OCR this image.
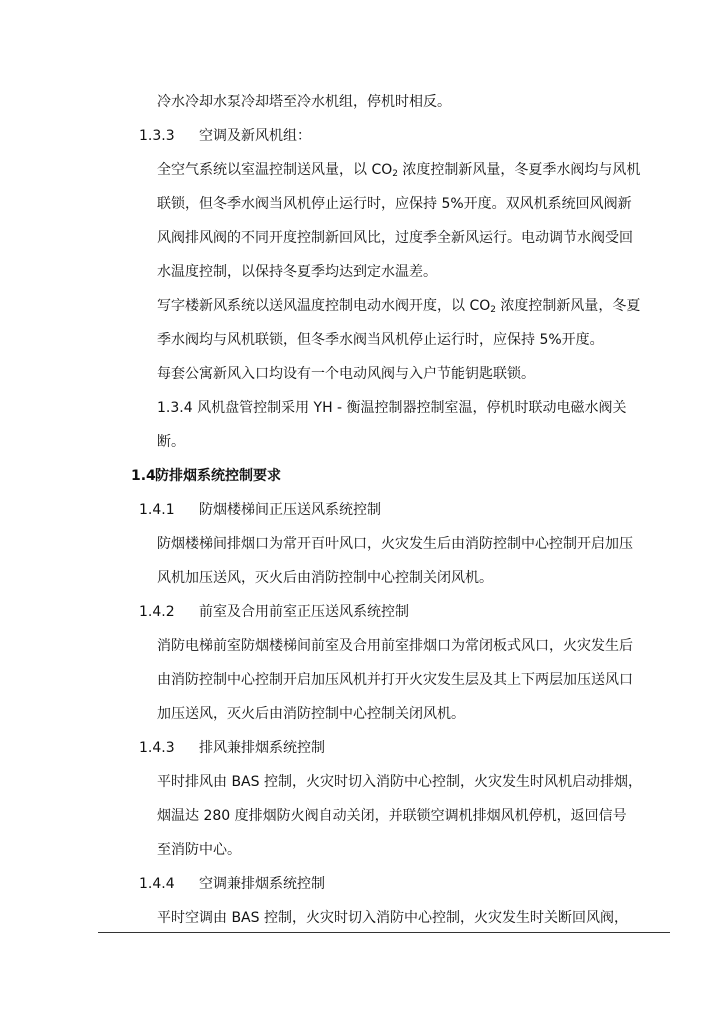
冷水冷却水泵冷却塔至冷水机组，停机时相反。
1.3.3 空调及新风机组：
全空气系统以室温控制送风量，以 $CO_2$ 浓度控制新风量，冬夏季水阀均与风机
联锁，但冬季水阀当风机停止运行时，应保持 5%开度。双风机系统回风阀新
风阀排风阀的不同开度控制新回风比，过度季全新风运行。电动调节水阀受回
水温度控制，以保持冬夏季均达到定水温差。
写字楼新风系统以送风温度控制电动水阀开度，以 $CO_2$ 浓度控制新风量，冬夏
季水阀均与风机联锁，但冬季水阀当风机停止运行时，应保持 5%开度。
每套公寓新风入口均设有一个电动风阀与入户节能钥匙联锁。
1.3.4 风机盘管控制采用 YH - 衡温控制器控制室温，停机时联动电磁水阀关
断。
1.4 防排烟系统控制要求
1.4.1 防烟楼梯间正压送风系统控制
防烟楼梯间排烟口为常开百叶风口，火灾发生后由消防控制中心控制开启加压
风机加压送风，灭火后由消防控制中心控制关闭风机。
1.4.2 前室及合用前室正压送风系统控制
消防电梯前室防烟楼梯间前室及合用前室排烟口为常闭板式风口，火灾发生后
由消防控制中心控制开启加压风机并打开火灾发生层及其上下两层加压送风口
加压送风，灭火后由消防控制中心控制关闭风机。
1.4.3 排风兼排烟系统控制
平时排风由 BAS 控制，火灾时切入消防中心控制，火灾发生时风机启动排烟，
烟温达 280 度排烟防火阀自动关闭，并联锁空调机排烟风机停机，返回信号
至消防中心。
1.4.4 空调兼排烟系统控制
平时空调由 BAS 控制，火灾时切入消防中心控制，火灾发生时关断回风阀，
